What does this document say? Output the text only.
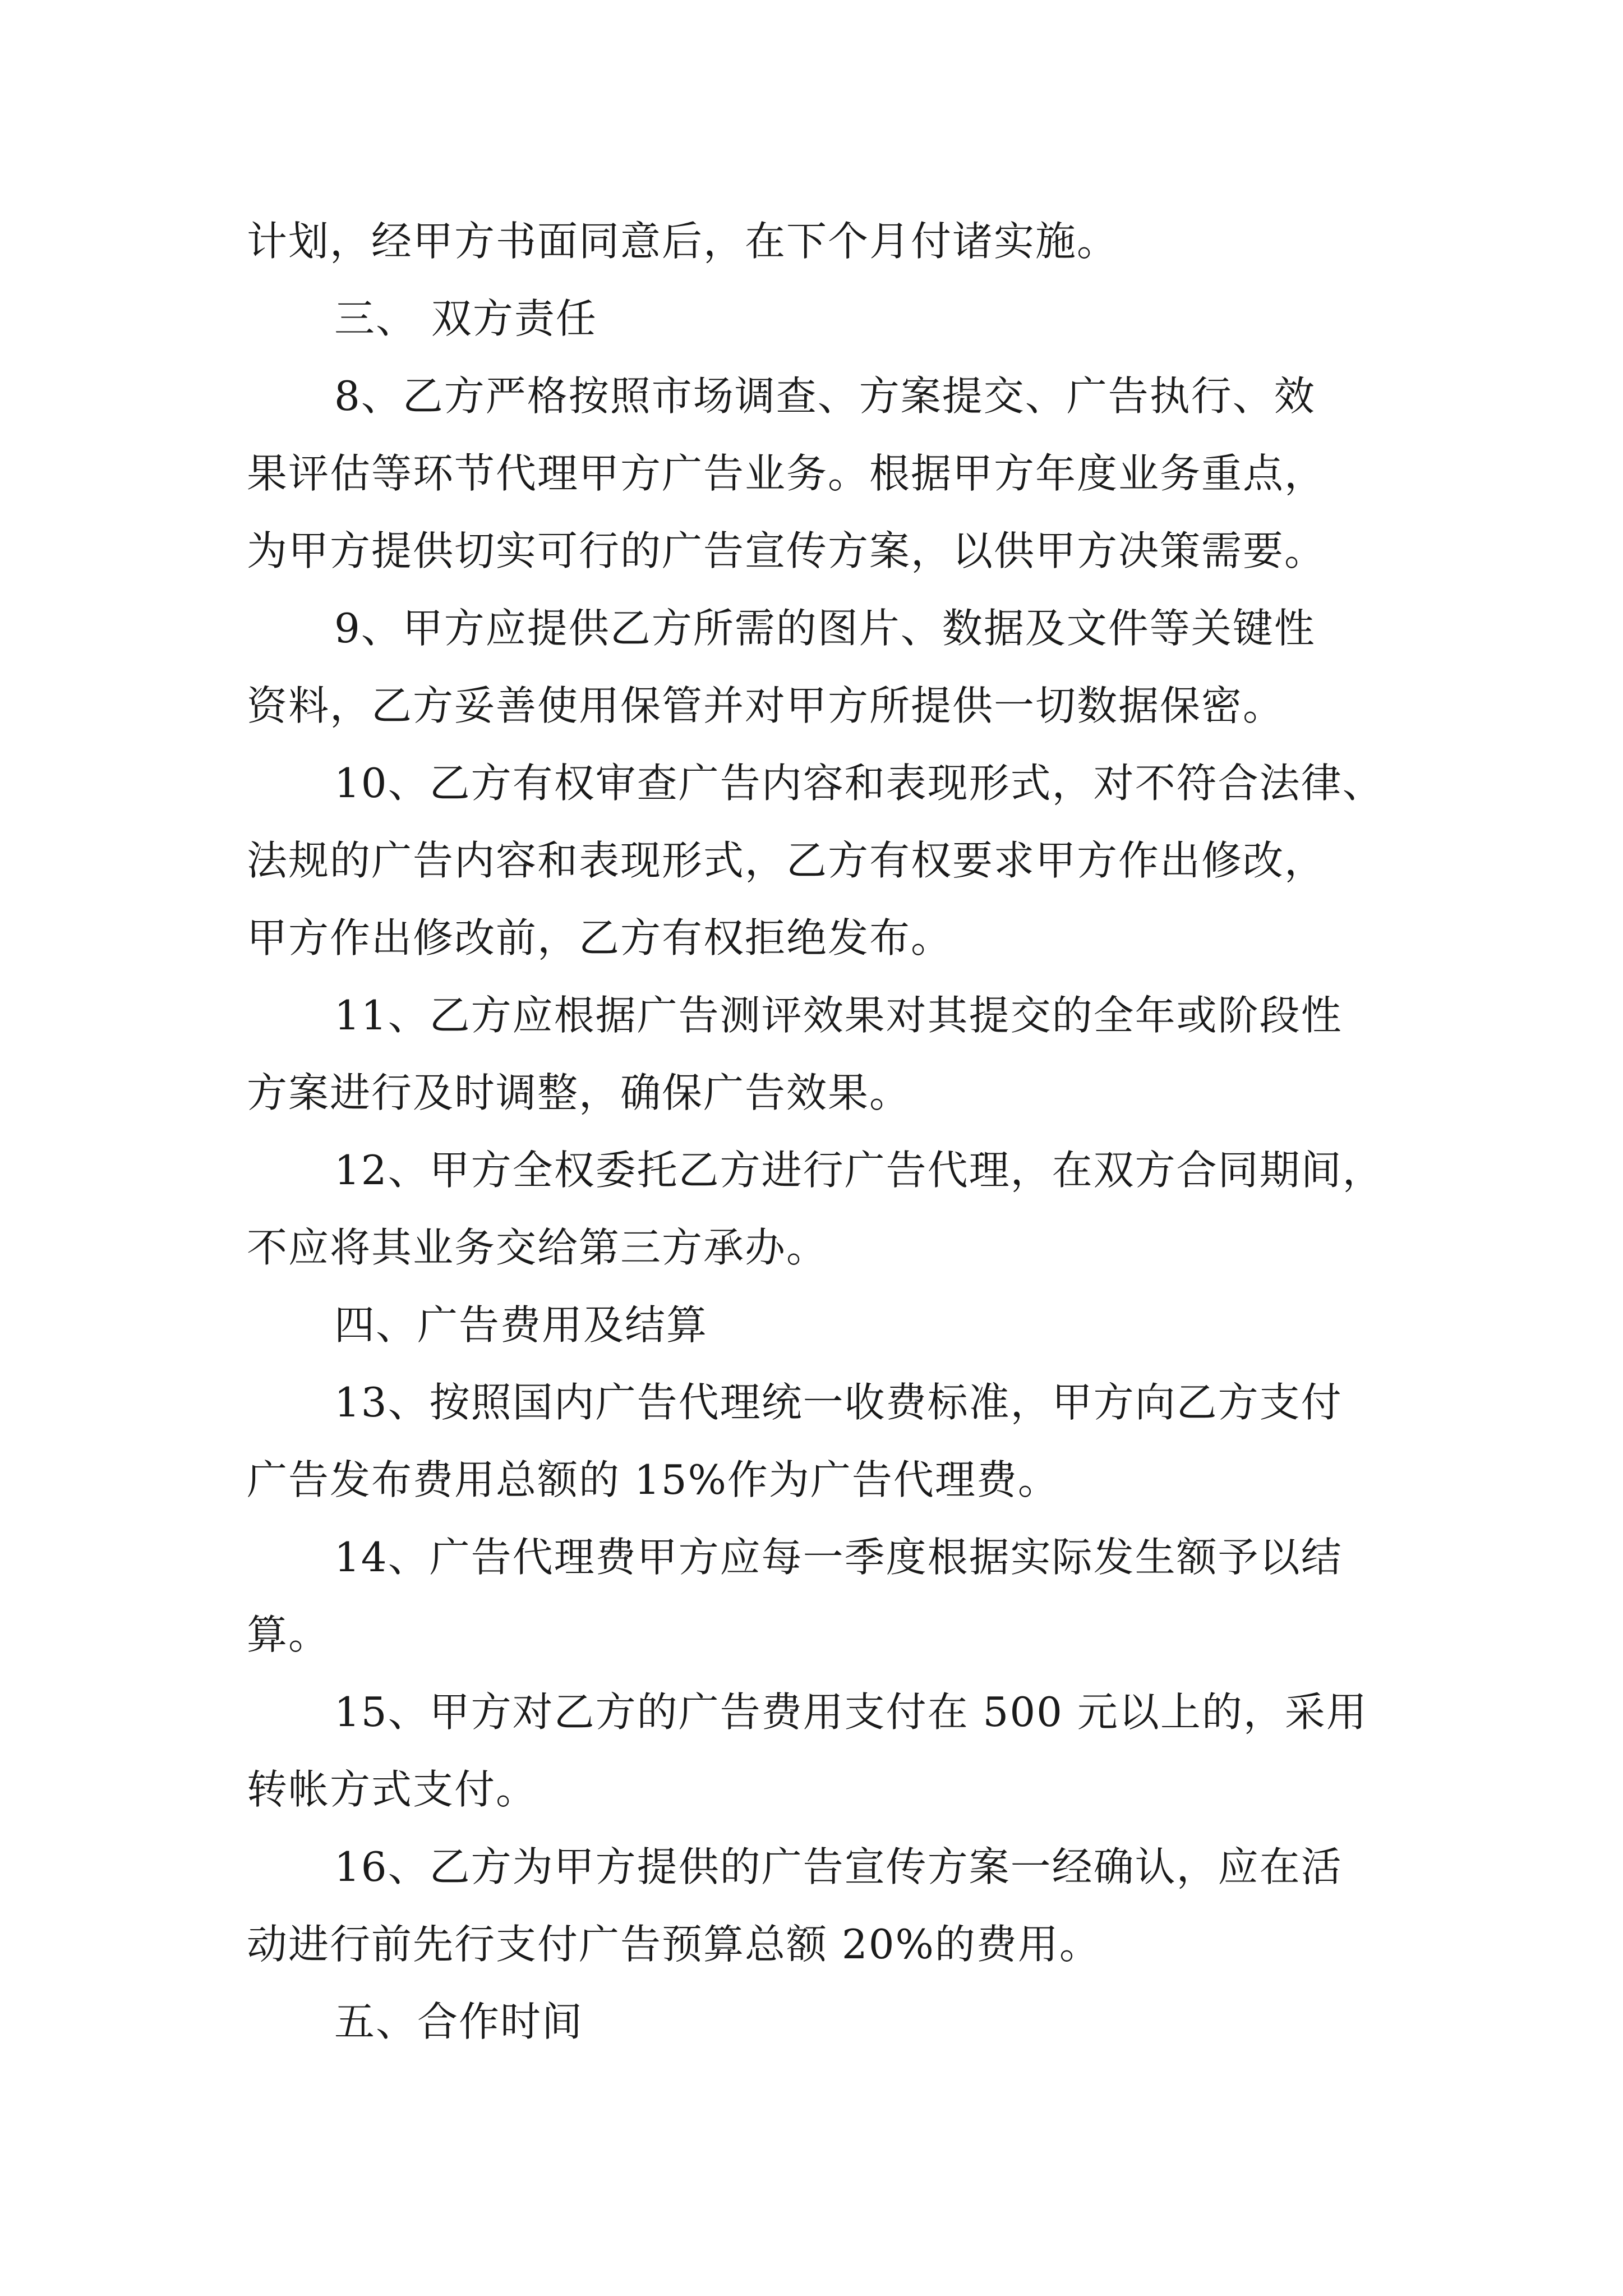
计划，经甲方书面同意后，在下个月付诸实施。
三、 双方责任
8、乙方严格按照市场调查、方案提交、广告执行、效
果评估等环节代理甲方广告业务。根据甲方年度业务重点，
为甲方提供切实可行的广告宣传方案，以供甲方决策需要。
9、甲方应提供乙方所需的图片、数据及文件等关键性
资料，乙方妥善使用保管并对甲方所提供一切数据保密。
10、乙方有权审查广告内容和表现形式，对不符合法律、
法规的广告内容和表现形式，乙方有权要求甲方作出修改，
甲方作出修改前，乙方有权拒绝发布。
11、乙方应根据广告测评效果对其提交的全年或阶段性
方案进行及时调整，确保广告效果。
12、甲方全权委托乙方进行广告代理，在双方合同期间，
不应将其业务交给第三方承办。
四、广告费用及结算
13、按照国内广告代理统一收费标准，甲方向乙方支付
广告发布费用总额的 15%作为广告代理费。
14、广告代理费甲方应每一季度根据实际发生额予以结
算。
15、甲方对乙方的广告费用支付在 500 元以上的，采用
转帐方式支付。
16、乙方为甲方提供的广告宣传方案一经确认，应在活
动进行前先行支付广告预算总额 20%的费用。
五、合作时间
